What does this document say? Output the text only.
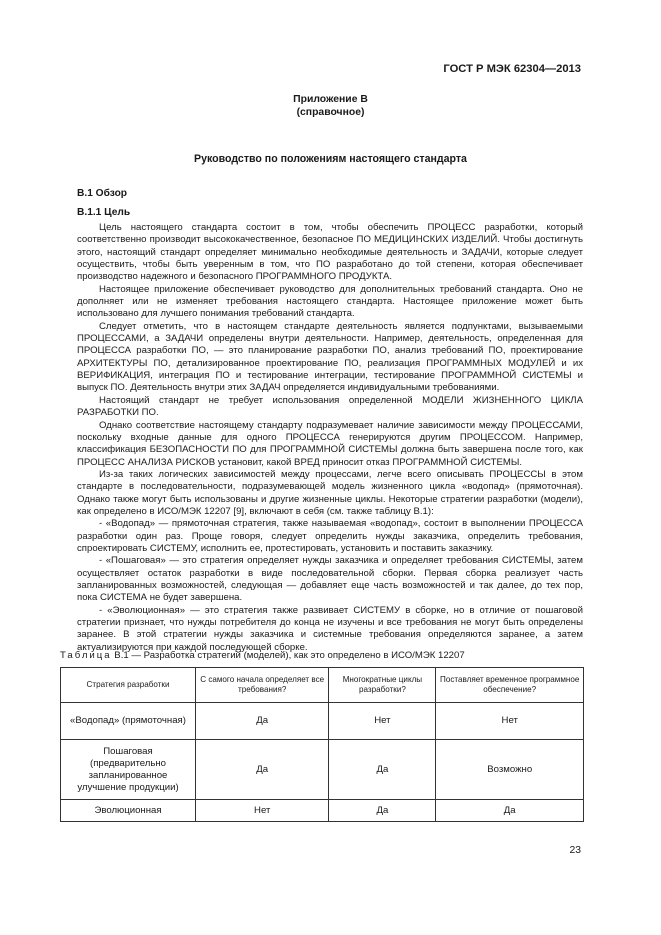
ГОСТ Р МЭК 62304—2013
Приложение В
(справочное)
Руководство по положениям настоящего стандарта
В.1 Обзор
В.1.1 Цель

Цель настоящего стандарта состоит в том, чтобы обеспечить ПРОЦЕСС разработки, который соответственно производит высококачественное, безопасное ПО МЕДИЦИНСКИХ ИЗДЕЛИЙ. Чтобы достигнуть этого, настоящий стандарт определяет минимально необходимые деятельность и ЗАДАЧИ, которые следует осуществить, чтобы быть уверенным в том, что ПО разработано до той степени, которая обеспечивает производство надежного и безопасного ПРОГРАММНОГО ПРОДУКТА.

Настоящее приложение обеспечивает руководство для дополнительных требований стандарта. Оно не дополняет или не изменяет требования настоящего стандарта. Настоящее приложение может быть использовано для лучшего понимания требований стандарта.

Следует отметить, что в настоящем стандарте деятельность является подпунктами, вызываемыми ПРОЦЕССАМИ, а ЗАДАЧИ определены внутри деятельности. Например, деятельность, определенная для ПРОЦЕССА разработки ПО, — это планирование разработки ПО, анализ требований ПО, проектирование АРХИТЕКТУРЫ ПО, детализированное проектирование ПО, реализация ПРОГРАММНЫХ МОДУЛЕЙ и их ВЕРИФИКАЦИЯ, интеграция ПО и тестирование интеграции, тестирование ПРОГРАММНОЙ СИСТЕМЫ и выпуск ПО. Деятельность внутри этих ЗАДАЧ определяется индивидуальными требованиями.

Настоящий стандарт не требует использования определенной МОДЕЛИ ЖИЗНЕННОГО ЦИКЛА РАЗРАБОТКИ ПО.

Однако соответствие настоящему стандарту подразумевает наличие зависимости между ПРОЦЕССАМИ, поскольку входные данные для одного ПРОЦЕССА генерируются другим ПРОЦЕССОМ. Например, классификация БЕЗОПАСНОСТИ ПО для ПРОГРАММНОЙ СИСТЕМЫ должна быть завершена после того, как ПРОЦЕСС АНАЛИЗА РИСКОВ установит, какой ВРЕД приносит отказ ПРОГРАММНОЙ СИСТЕМЫ.

Из-за таких логических зависимостей между процессами, легче всего описывать ПРОЦЕССЫ в этом стандарте в последовательности, подразумевающей модель жизненного цикла «водопад» (прямоточная). Однако также могут быть использованы и другие жизненные циклы. Некоторые стратегии разработки (модели), как определено в ИСО/МЭК 12207 [9], включают в себя (см. также таблицу В.1):

- «Водопад» — прямоточная стратегия, также называемая «водопад», состоит в выполнении ПРОЦЕССА разработки один раз. Проще говоря, следует определить нужды заказчика, определить требования, спроектировать СИСТЕМУ, исполнить ее, протестировать, установить и поставить заказчику.

- «Пошаговая» — это стратегия определяет нужды заказчика и определяет требования СИСТЕМЫ, затем осуществляет остаток разработки в виде последовательной сборки. Первая сборка реализует часть запланированных возможностей, следующая — добавляет еще часть возможностей и так далее, до тех пор, пока СИСТЕМА не будет завершена.

- «Эволюционная» — это стратегия также развивает СИСТЕМУ в сборке, но в отличие от пошаговой стратегии признает, что нужды потребителя до конца не изучены и все требования не могут быть определены заранее. В этой стратегии нужды заказчика и системные требования определяются заранее, а затем актуализируются при каждой последующей сборке.

Таблица В.1 — Разработка стратегий (моделей), как это определено в ИСО/МЭК 12207
Стратегия разработки	С самого начала определяет все требования?	Многократные циклы разработки?	Поставляет временное программное обеспечение?
«Водопад» (прямоточная)	Да	Нет	Нет
Пошаговая (предварительно запланированное улучшение продукции)	Да	Да	Возможно
Эволюционная	Нет	Да	Да
23
